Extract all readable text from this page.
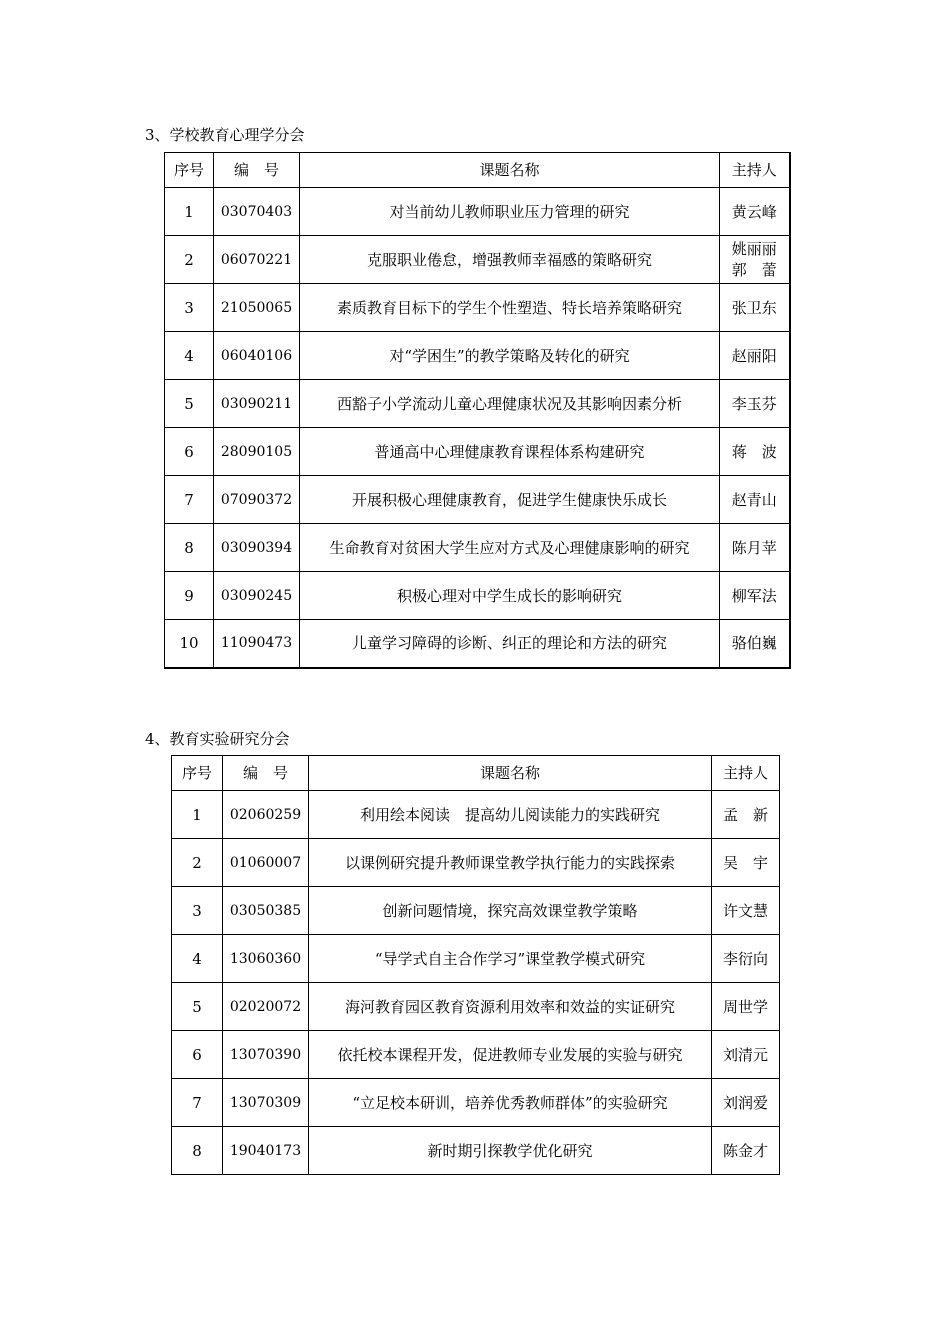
3、学校教育心理学分会
序号	编　号	课题名称	主持人
1	03070403	对当前幼儿教师职业压力管理的研究	黄云峰
2	06070221	克服职业倦怠，增强教师幸福感的策略研究	姚丽丽
郭　蕾

3	21050065	素质教育目标下的学生个性塑造、特长培养策略研究	张卫东
4	06040106	对“学困生”的教学策略及转化的研究	赵丽阳
5	03090211	西豁子小学流动儿童心理健康状况及其影响因素分析	李玉芬
6	28090105	普通高中心理健康教育课程体系构建研究	蒋　波
7	07090372	开展积极心理健康教育，促进学生健康快乐成长	赵青山
8	03090394	生命教育对贫困大学生应对方式及心理健康影响的研究	陈月苹
9	03090245	积极心理对中学生成长的影响研究	柳军法
10	11090473	儿童学习障碍的诊断、纠正的理论和方法的研究	骆伯巍
4、教育实验研究分会
序号	编　号	课题名称	主持人
1	02060259	利用绘本阅读　提高幼儿阅读能力的实践研究	孟　新
2	01060007	以课例研究提升教师课堂教学执行能力的实践探索	吴　宇
3	03050385	创新问题情境，探究高效课堂教学策略	许文慧
4	13060360	“导学式自主合作学习”课堂教学模式研究	李衍向
5	02020072	海河教育园区教育资源利用效率和效益的实证研究	周世学
6	13070390	依托校本课程开发，促进教师专业发展的实验与研究	刘清元
7	13070309	“立足校本研训，培养优秀教师群体”的实验研究	刘润爱
8	19040173	新时期引探教学优化研究	陈金才
